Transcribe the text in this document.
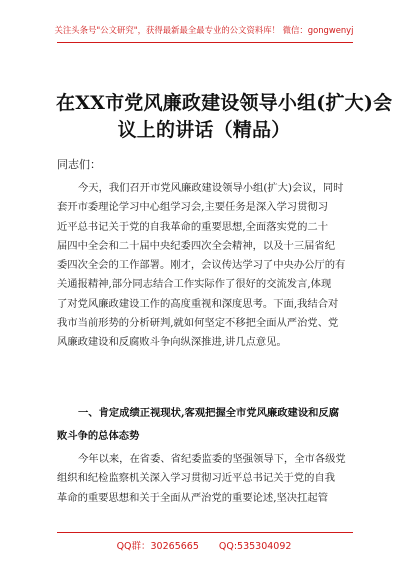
关注头条号"公文研究"，获得最新最全最专业的公文资料库！ 微信：gongwenyj
在XX市党风廉政建设领导小组(扩大)会
议上的讲话（精品）
同志们：
今天，我们召开市党风廉政建设领导小组(扩大)会议，同时
套开市委理论学习中心组学习会,主要任务是深入学习贯彻习
近平总书记关于党的自我革命的重要思想,全面落实党的二十
届四中全会和二十届中央纪委四次全会精神，以及十三届省纪
委四次全会的工作部署。刚才，会议传达学习了中央办公厅的有
关通报精神,部分同志结合工作实际作了很好的交流发言,体现
了对党风廉政建设工作的高度重视和深度思考。下面,我结合对
我市当前形势的分析研判,就如何坚定不移把全面从严治党、党
风廉政建设和反腐败斗争向纵深推进,讲几点意见。
一、肯定成绩正视现状,客观把握全市党风廉政建设和反腐
败斗争的总体态势
今年以来，在省委、省纪委监委的坚强领导下，全市各级党
组织和纪检监察机关深入学习贯彻习近平总书记关于党的自我
革命的重要思想和关于全面从严治党的重要论述,坚决扛起管
QQ群：30265665 QQ:535304092
